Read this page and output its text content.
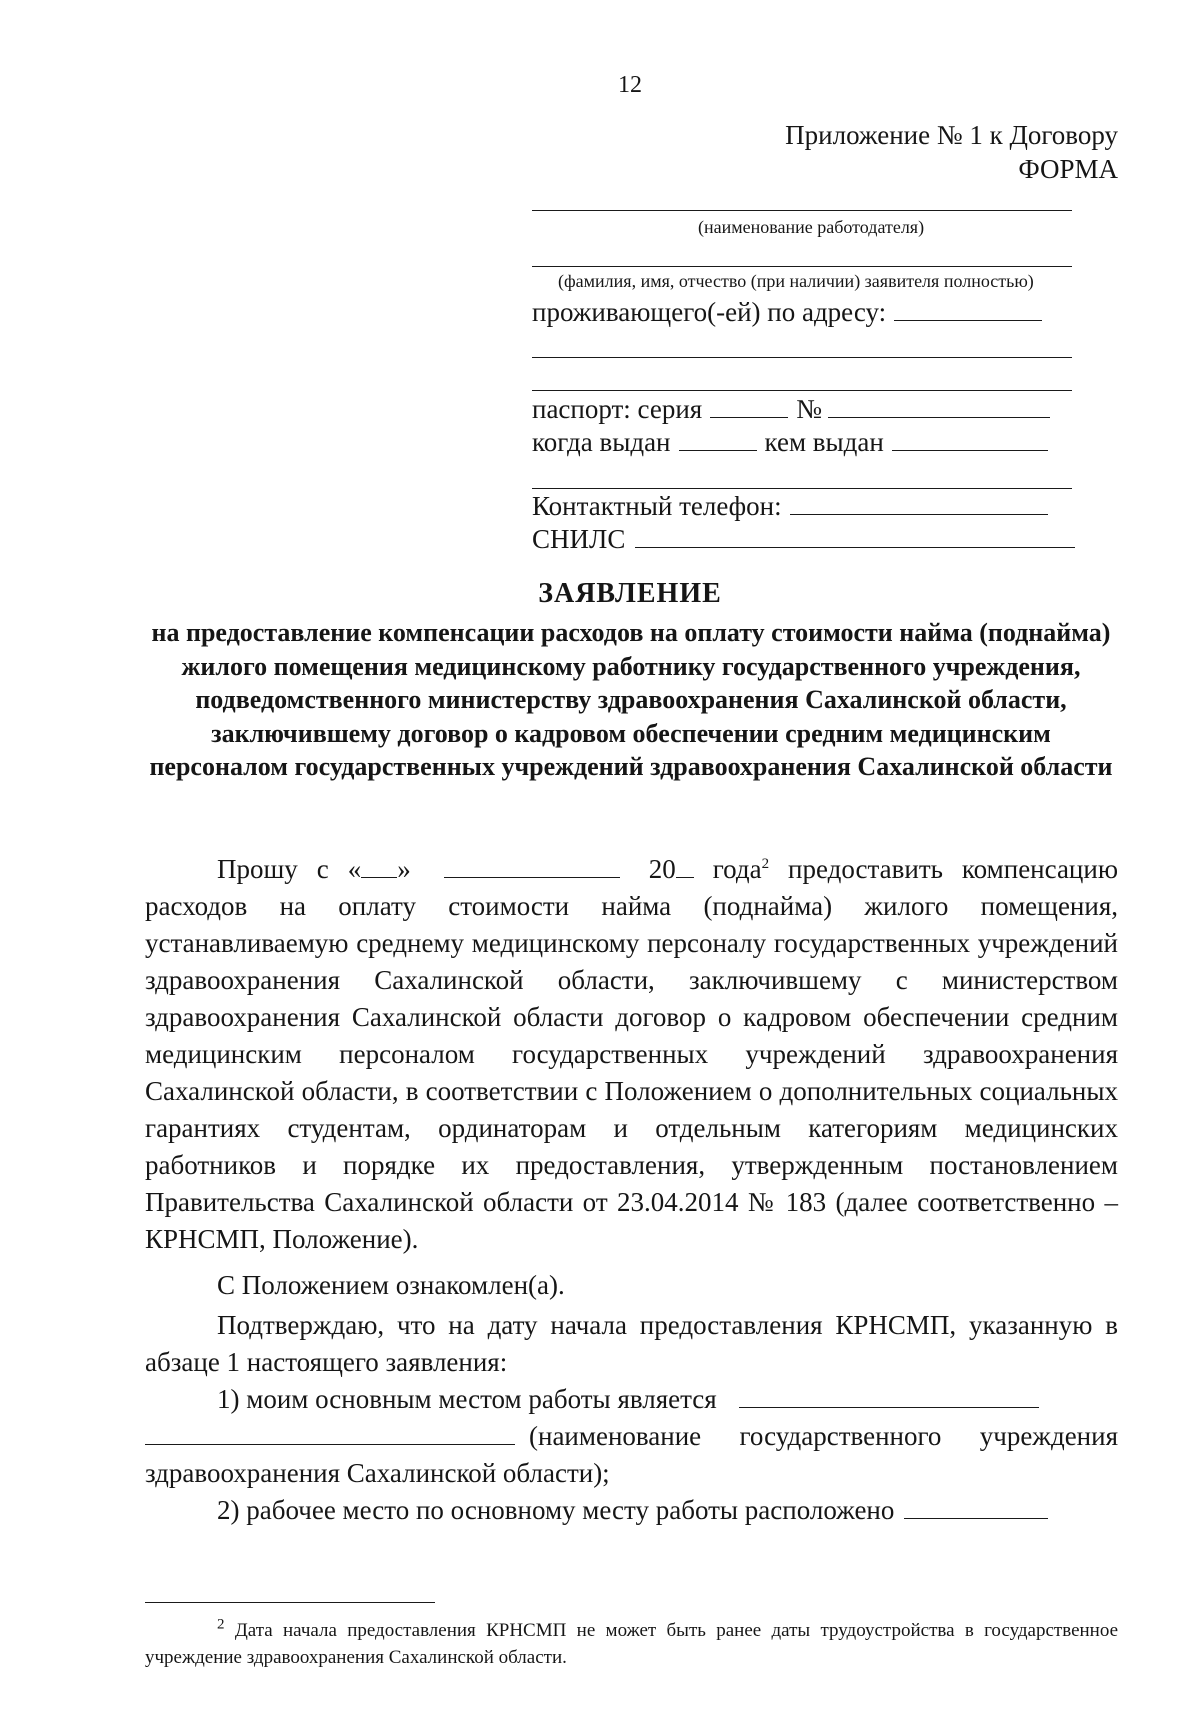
12
Приложение № 1 к Договору
ФОРМА
(наименование работодателя)
(фамилия, имя, отчество (при наличии) заявителя полностью)
проживающего(-ей) по адресу:
паспорт: серия	№
когда выдан	кем выдан
Контактный телефон:
СНИЛС
ЗАЯВЛЕНИЕ
на предоставление компенсации расходов на оплату стоимости найма (поднайма) жилого помещения медицинскому работнику государственного учреждения, подведомственного министерству здравоохранения Сахалинской области, заключившему договор о кадровом обеспечении средним медицинским персоналом государственных учреждений здравоохранения Сахалинской области

Прошу с « »	20 года$^2$ предоставить компенсацию расходов на оплату стоимости найма (поднайма) жилого помещения, устанавливаемую среднему медицинскому персоналу государственных учреждений здравоохранения Сахалинской области, заключившему с министерством здравоохранения Сахалинской области договор о кадровом обеспечении средним медицинским персоналом государственных учреждений здравоохранения Сахалинской области, в соответствии с Положением о дополнительных социальных гарантиях студентам, ординаторам и отдельным категориям медицинских работников и порядке их предоставления, утвержденным постановлением Правительства Сахалинской области от 23.04.2014 № 183 (далее соответственно – КРНСМП, Положение).

С Положением ознакомлен(а).

Подтверждаю, что на дату начала предоставления КРНСМП, указанную в абзаце 1 настоящего заявления:

1) моим основным местом работы является

(наименование государственного учреждения здравоохранения Сахалинской области);

2) рабочее место по основному месту работы расположено

$^2$ Дата начала предоставления КРНСМП не может быть ранее даты трудоустройства в государственное учреждение здравоохранения Сахалинской области.
